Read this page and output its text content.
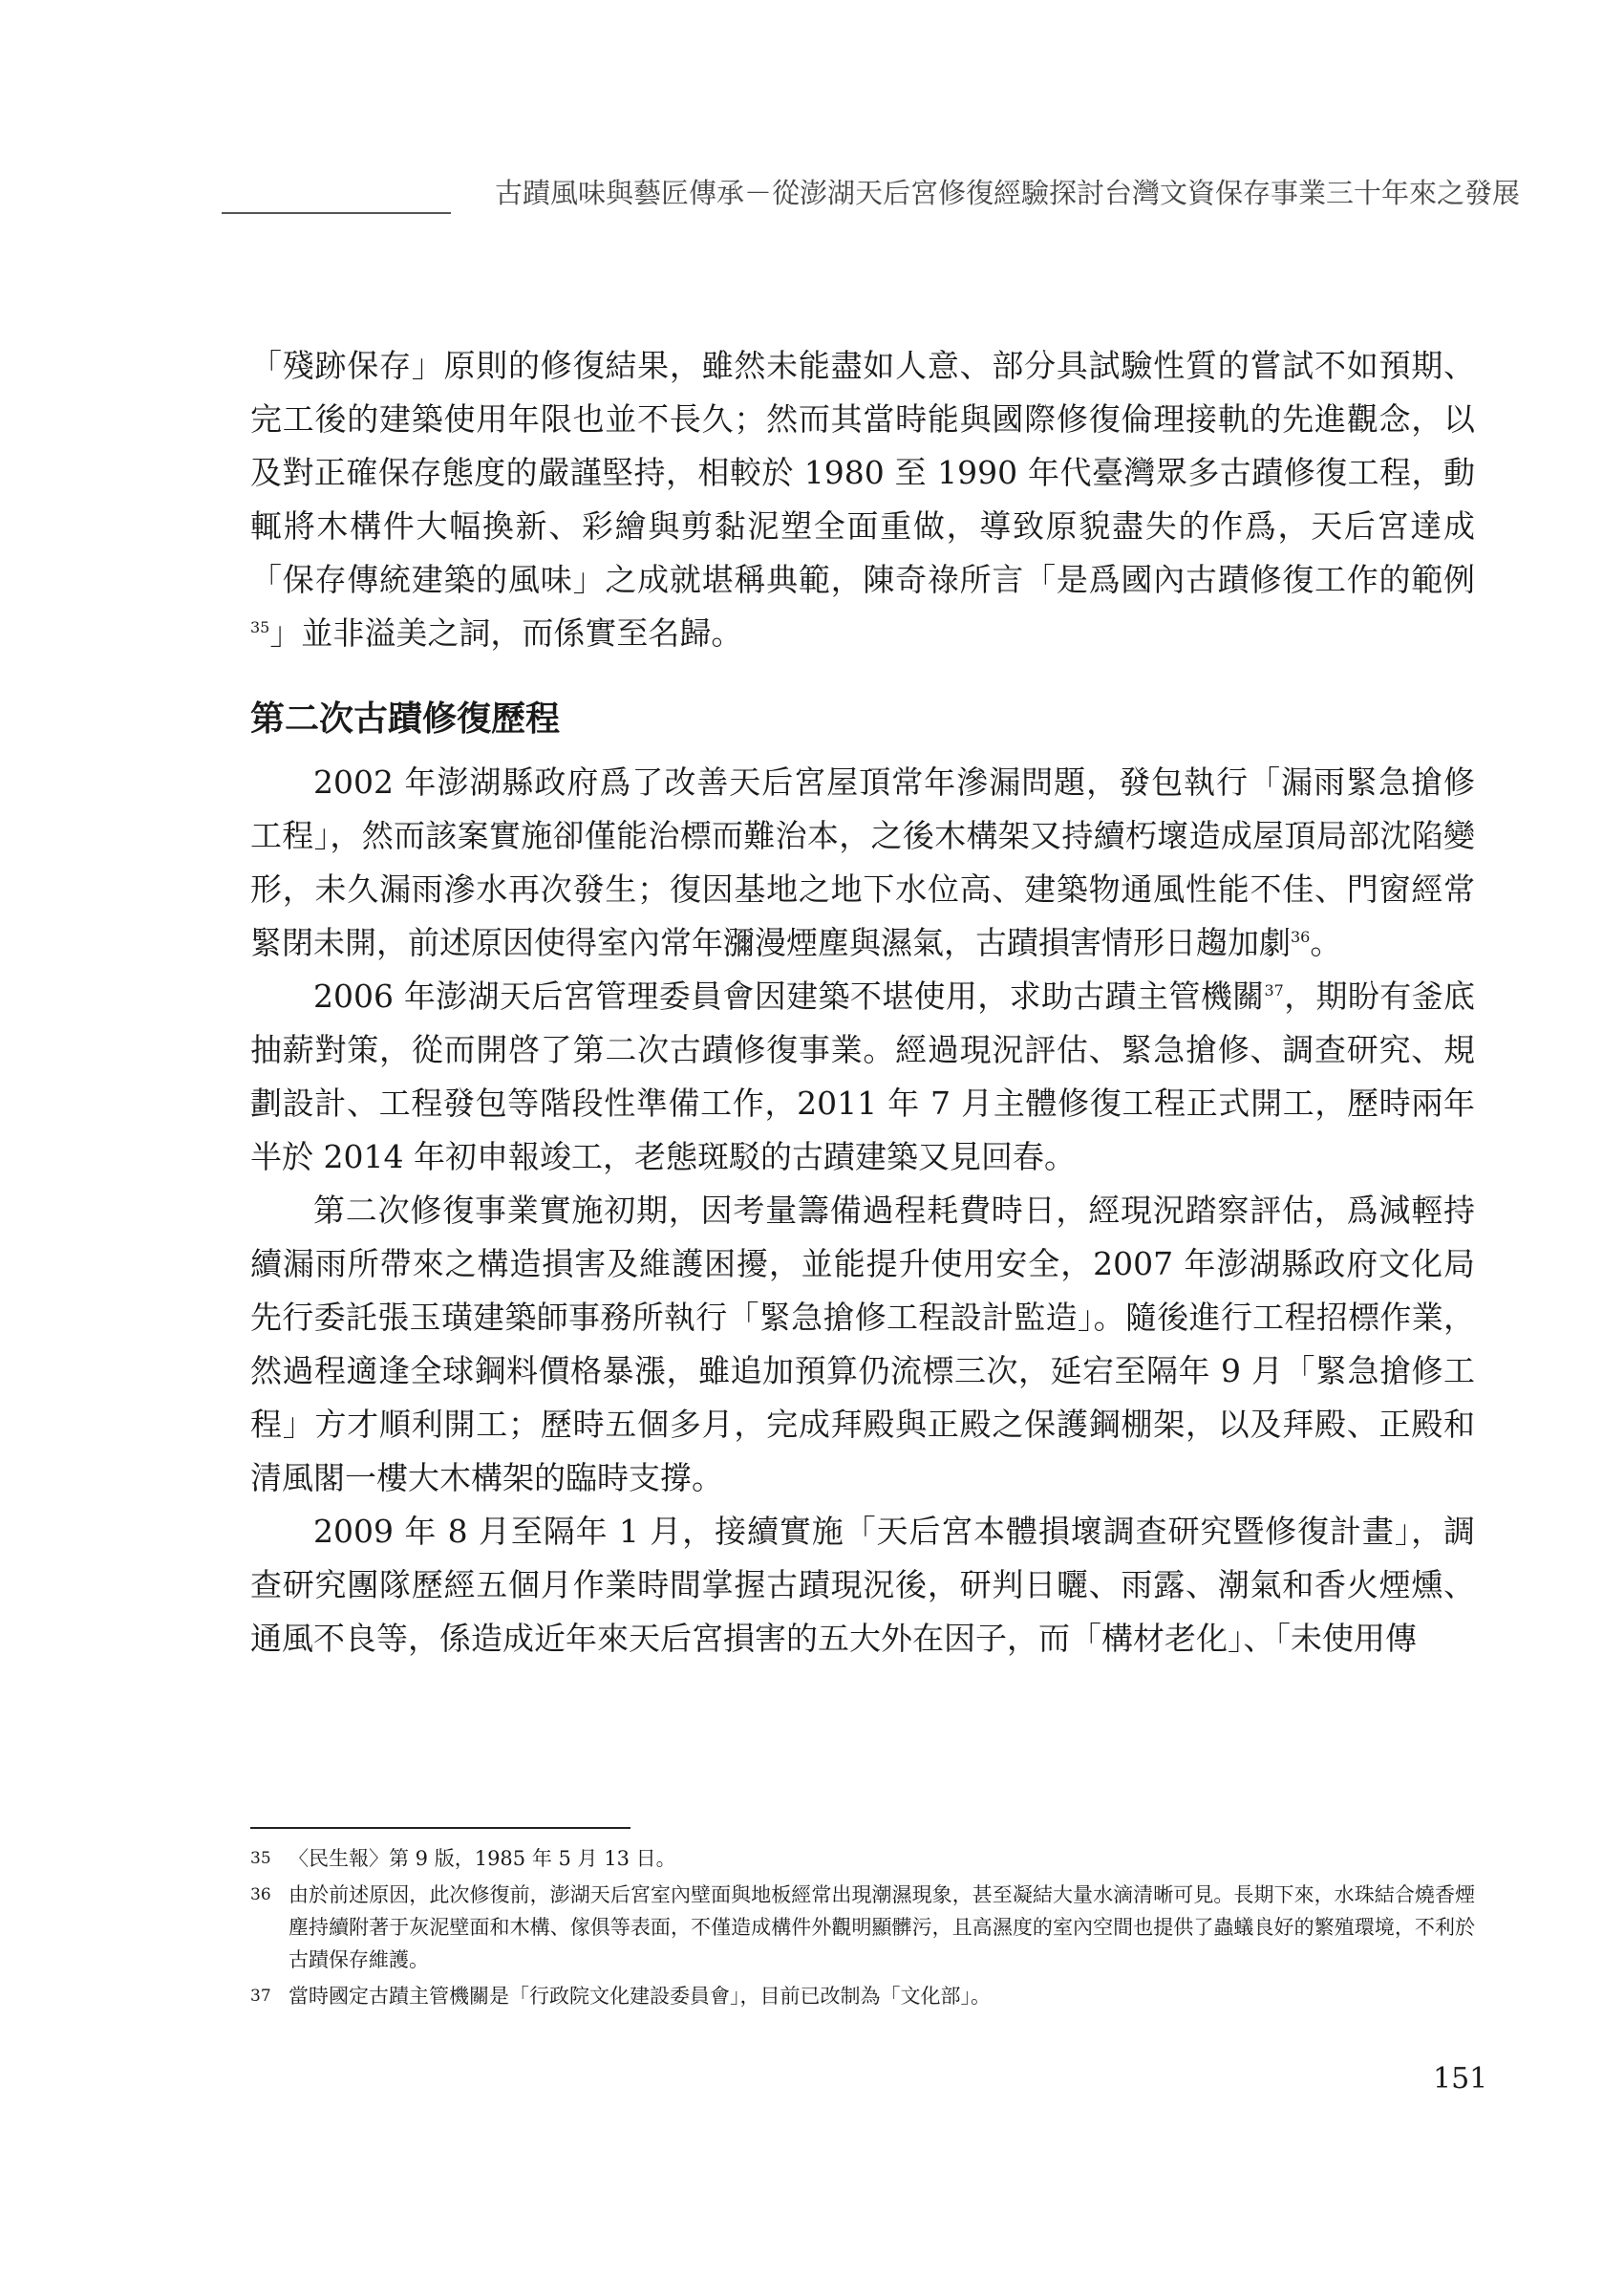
古蹟風味與藝匠傳承－從澎湖天后宮修復經驗探討台灣文資保存事業三十年來之發展

「殘跡保存」原則的修復結果，雖然未能盡如人意、部分具試驗性質的嘗試不如預期、完工後的建築使用年限也並不長久；然而其當時能與國際修復倫理接軌的先進觀念，以及對正確保存態度的嚴謹堅持，相較於 1980 至 1990 年代臺灣眾多古蹟修復工程，動輒將木構件大幅換新、彩繪與剪黏泥塑全面重做，導致原貌盡失的作爲，天后宮達成「保存傳統建築的風味」之成就堪稱典範，陳奇祿所言「是爲國內古蹟修復工作的範例$^{35}$」並非溢美之詞，而係實至名歸。

第二次古蹟修復歷程

2002 年澎湖縣政府爲了改善天后宮屋頂常年滲漏問題，發包執行「漏雨緊急搶修工程」，然而該案實施卻僅能治標而難治本，之後木構架又持續朽壞造成屋頂局部沈陷變形，未久漏雨滲水再次發生；復因基地之地下水位高、建築物通風性能不佳、門窗經常緊閉未開，前述原因使得室內常年瀰漫煙塵與濕氣，古蹟損害情形日趨加劇$^{36}$。

2006 年澎湖天后宮管理委員會因建築不堪使用，求助古蹟主管機關$^{37}$，期盼有釜底抽薪對策，從而開啓了第二次古蹟修復事業。經過現況評估、緊急搶修、調查研究、規劃設計、工程發包等階段性準備工作，2011 年 7 月主體修復工程正式開工，歷時兩年半於 2014 年初申報竣工，老態斑駁的古蹟建築又見回春。

第二次修復事業實施初期，因考量籌備過程耗費時日，經現況踏察評估，爲減輕持續漏雨所帶來之構造損害及維護困擾，並能提升使用安全，2007 年澎湖縣政府文化局先行委託張玉璜建築師事務所執行「緊急搶修工程設計監造」。隨後進行工程招標作業，然過程適逢全球鋼料價格暴漲，雖追加預算仍流標三次，延宕至隔年 9 月「緊急搶修工程」方才順利開工；歷時五個多月，完成拜殿與正殿之保護鋼棚架，以及拜殿、正殿和清風閣一樓大木構架的臨時支撐。

2009 年 8 月至隔年 1 月，接續實施「天后宮本體損壞調查研究暨修復計畫」，調查研究團隊歷經五個月作業時間掌握古蹟現況後，研判日曬、雨露、潮氣和香火煙燻、通風不良等，係造成近年來天后宮損害的五大外在因子，而「構材老化」、「未使用傳

35 〈民生報〉第 9 版，1985 年 5 月 13 日。
36 由於前述原因，此次修復前，澎湖天后宮室內壁面與地板經常出現潮濕現象，甚至凝結大量水滴清晰可見。長期下來，水珠結合燒香煙塵持續附著于灰泥壁面和木構、傢俱等表面，不僅造成構件外觀明顯髒污，且高濕度的室內空間也提供了蟲蟻良好的繁殖環境，不利於古蹟保存維護。
37 當時國定古蹟主管機關是「行政院文化建設委員會」，目前已改制為「文化部」。
151
